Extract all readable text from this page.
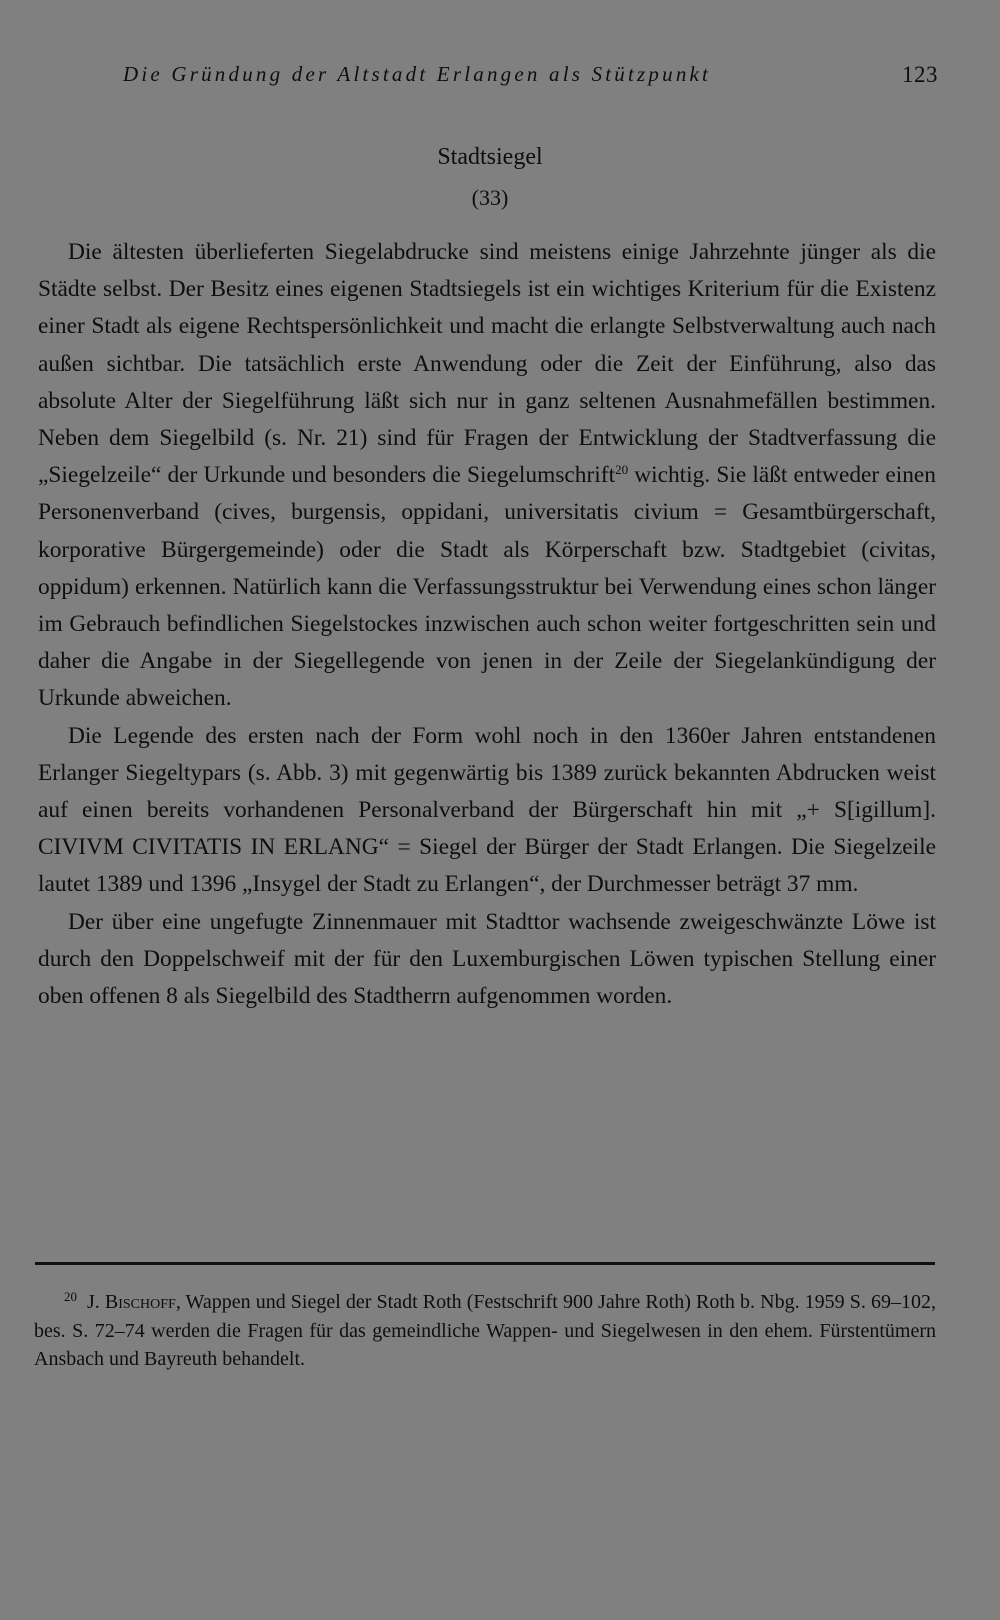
Die Gründung der Altstadt Erlangen als Stützpunkt	123
Stadtsiegel
(33)

Die ältesten überlieferten Siegelabdrucke sind meistens einige Jahrzehnte jünger als die Städte selbst. Der Besitz eines eigenen Stadtsiegels ist ein wichtiges Kriterium für die Existenz einer Stadt als eigene Rechtspersönlichkeit und macht die erlangte Selbstverwaltung auch nach außen sichtbar. Die tatsächlich erste Anwendung oder die Zeit der Einführung, also das absolute Alter der Siegelführung läßt sich nur in ganz seltenen Ausnahmefällen bestimmen. Neben dem Siegelbild (s. Nr. 21) sind für Fragen der Entwicklung der Stadtverfassung die „Siegelzeile“ der Urkunde und besonders die Siegelumschrift$^{20}$ wichtig. Sie läßt entweder einen Personenverband (cives, burgensis, oppidani, universitatis civium = Gesamtbürgerschaft, korporative Bürgergemeinde) oder die Stadt als Körperschaft bzw. Stadtgebiet (civitas, oppidum) erkennen. Natürlich kann die Verfassungsstruktur bei Verwendung eines schon länger im Gebrauch befindlichen Siegelstockes inzwischen auch schon weiter fortgeschritten sein und daher die Angabe in der Siegellegende von jenen in der Zeile der Siegelankündigung der Urkunde abweichen.

Die Legende des ersten nach der Form wohl noch in den 1360er Jahren entstandenen Erlanger Siegeltypars (s. Abb. 3) mit gegenwärtig bis 1389 zurück bekannten Abdrucken weist auf einen bereits vorhandenen Personalverband der Bürgerschaft hin mit „+ S[igillum]. CIVIVM CIVITATIS IN ERLANG“ = Siegel der Bürger der Stadt Erlangen. Die Siegelzeile lautet 1389 und 1396 „Insygel der Stadt zu Erlangen“, der Durchmesser beträgt 37 mm.

Der über eine ungefugte Zinnenmauer mit Stadttor wachsende zweigeschwänzte Löwe ist durch den Doppelschweif mit der für den Luxemburgischen Löwen typischen Stellung einer oben offenen 8 als Siegelbild des Stadtherrn aufgenommen worden.

$^{20}$ J. Bischoff, Wappen und Siegel der Stadt Roth (Festschrift 900 Jahre Roth) Roth b. Nbg. 1959 S. 69–102, bes. S. 72–74 werden die Fragen für das gemeindliche Wappen- und Siegelwesen in den ehem. Fürstentümern Ansbach und Bayreuth behandelt.
